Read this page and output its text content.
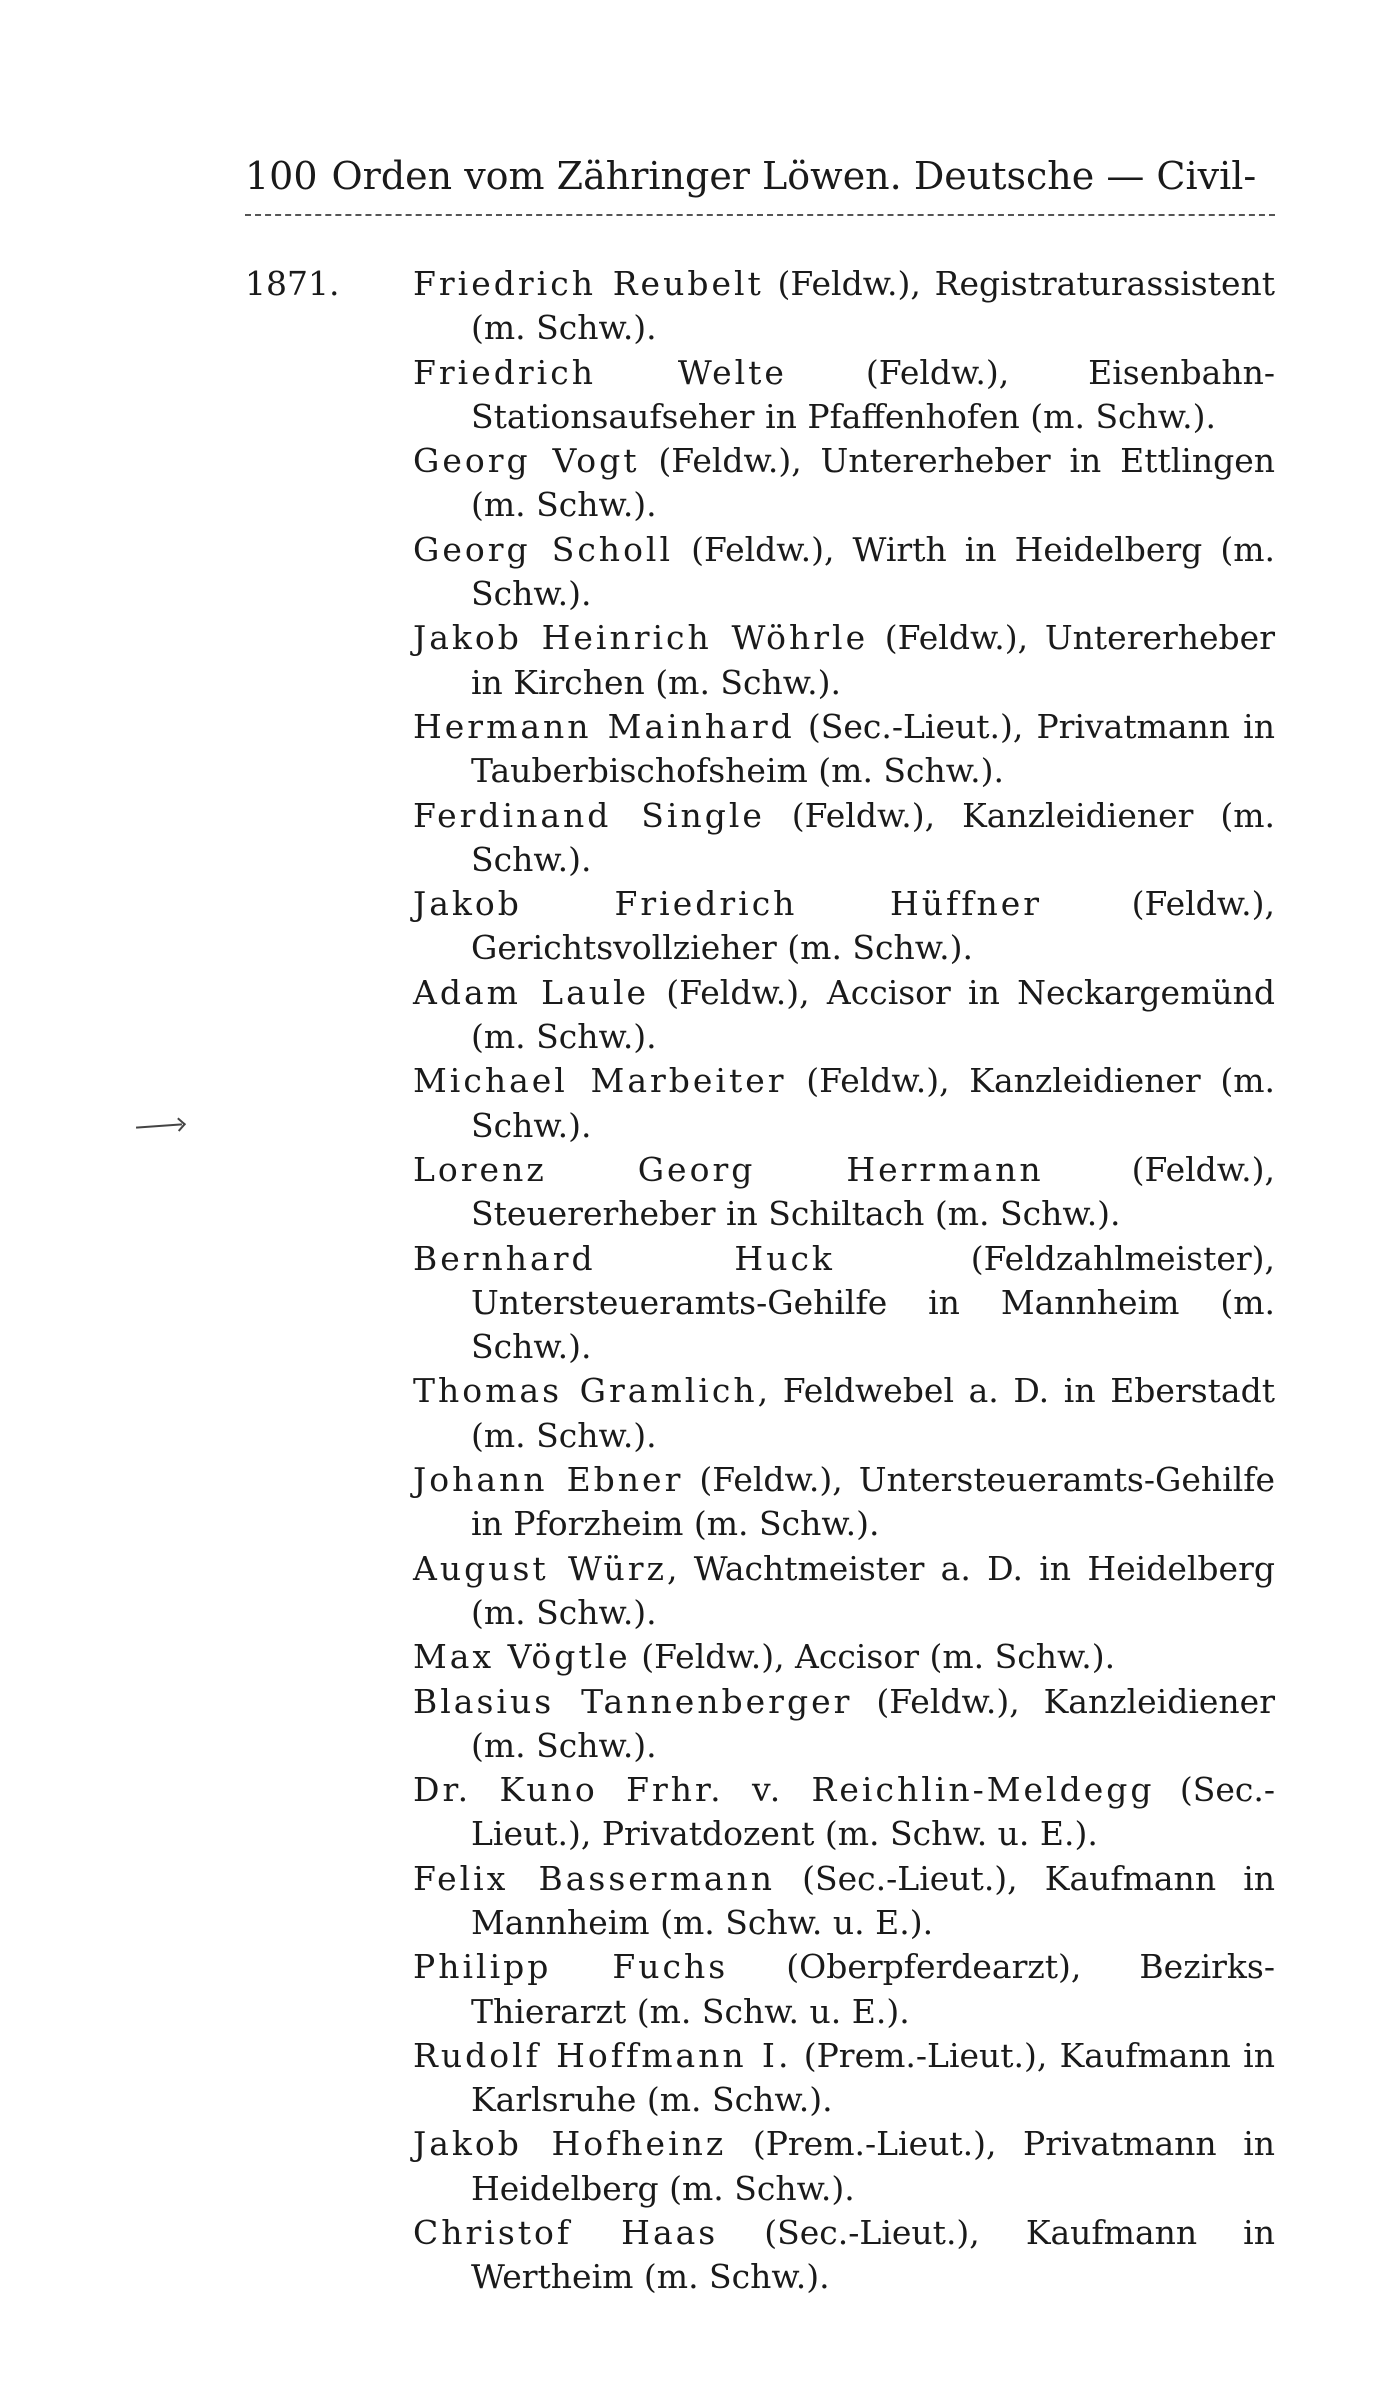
100 Orden vom Zähringer Löwen. Deutsche — Civil-
1871.	Friedrich Reubelt (Feldw.), Registraturassistent (m. Schw.).
Friedrich Welte (Feldw.), Eisenbahn-Stationsaufseher in Pfaffenhofen (m. Schw.).
Georg Vogt (Feldw.), Untererheber in Ettlingen (m. Schw.).
Georg Scholl (Feldw.), Wirth in Heidelberg (m. Schw.).
Jakob Heinrich Wöhrle (Feldw.), Untererheber in Kirchen (m. Schw.).
Hermann Mainhard (Sec.-Lieut.), Privatmann in Tauberbischofsheim (m. Schw.).
Ferdinand Single (Feldw.), Kanzleidiener (m. Schw.).
Jakob Friedrich Hüffner (Feldw.), Gerichtsvollzieher (m. Schw.).
Adam Laule (Feldw.), Accisor in Neckargemünd (m. Schw.).
Michael Marbeiter (Feldw.), Kanzleidiener (m. Schw.).
Lorenz Georg Herrmann (Feldw.), Steuererheber in Schiltach (m. Schw.).
Bernhard Huck (Feldzahlmeister), Untersteueramts-Gehilfe in Mannheim (m. Schw.).
Thomas Gramlich, Feldwebel a. D. in Eberstadt (m. Schw.).
Johann Ebner (Feldw.), Untersteueramts-Gehilfe in Pforzheim (m. Schw.).
August Würz, Wachtmeister a. D. in Heidelberg (m. Schw.).
Max Vögtle (Feldw.), Accisor (m. Schw.).
Blasius Tannenberger (Feldw.), Kanzleidiener (m. Schw.).
Dr. Kuno Frhr. v. Reichlin-Meldegg (Sec.-Lieut.), Privatdozent (m. Schw. u. E.).
Felix Bassermann (Sec.-Lieut.), Kaufmann in Mannheim (m. Schw. u. E.).
Philipp Fuchs (Oberpferdearzt), Bezirks-Thierarzt (m. Schw. u. E.).
Rudolf Hoffmann I. (Prem.-Lieut.), Kaufmann in Karlsruhe (m. Schw.).
Jakob Hofheinz (Prem.-Lieut.), Privatmann in Heidelberg (m. Schw.).
Christof Haas (Sec.-Lieut.), Kaufmann in Wertheim (m. Schw.).
